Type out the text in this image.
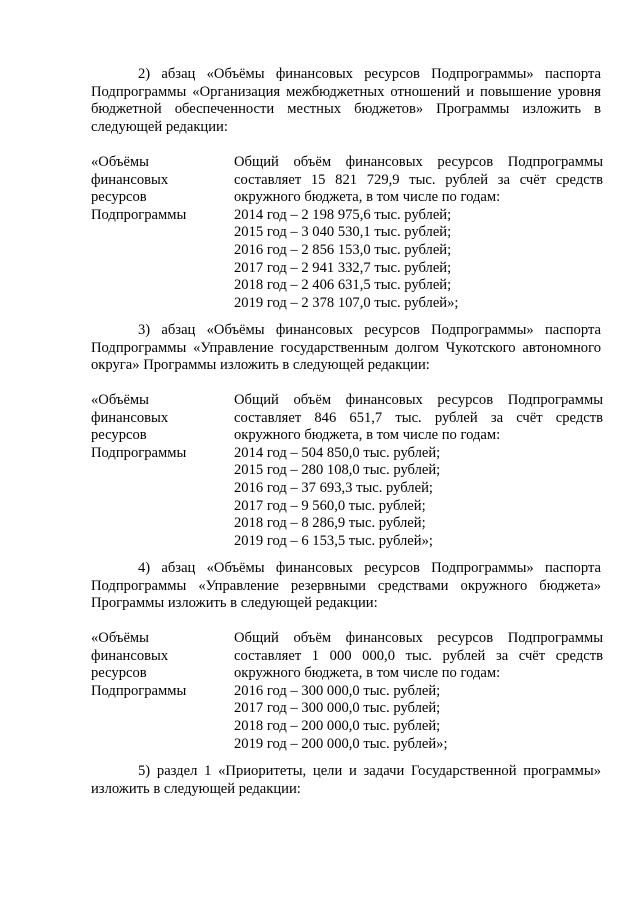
2) абзац «Объёмы финансовых ресурсов Подпрограммы» паспорта Подпрограммы «Организация межбюджетных отношений и повышение уровня бюджетной обеспеченности местных бюджетов» Программы изложить в следующей редакции:

«Объёмы
финансовых
ресурсов
Подпрограммы

Общий объём финансовых ресурсов Подпрограммы составляет 15 821 729,9 тыс. рублей за счёт средств окружного бюджета, в том числе по годам:

2014 год – 2 198 975,6 тыс. рублей;
2015 год – 3 040 530,1 тыс. рублей;
2016 год – 2 856 153,0 тыс. рублей;
2017 год – 2 941 332,7 тыс. рублей;
2018 год – 2 406 631,5 тыс. рублей;
2019 год – 2 378 107,0 тыс. рублей»;

3) абзац «Объёмы финансовых ресурсов Подпрограммы» паспорта Подпрограммы «Управление государственным долгом Чукотского автономного округа» Программы изложить в следующей редакции:

«Объёмы
финансовых
ресурсов
Подпрограммы

Общий объём финансовых ресурсов Подпрограммы составляет 846 651,7 тыс. рублей за счёт средств окружного бюджета, в том числе по годам:

2014 год – 504 850,0 тыс. рублей;
2015 год – 280 108,0 тыс. рублей;
2016 год – 37 693,3 тыс. рублей;
2017 год – 9 560,0 тыс. рублей;
2018 год – 8 286,9 тыс. рублей;
2019 год – 6 153,5 тыс. рублей»;

4) абзац «Объёмы финансовых ресурсов Подпрограммы» паспорта Подпрограммы «Управление резервными средствами окружного бюджета» Программы изложить в следующей редакции:

«Объёмы
финансовых
ресурсов
Подпрограммы

Общий объём финансовых ресурсов Подпрограммы составляет 1 000 000,0 тыс. рублей за счёт средств окружного бюджета, в том числе по годам:

2016 год – 300 000,0 тыс. рублей;
2017 год – 300 000,0 тыс. рублей;
2018 год – 200 000,0 тыс. рублей;
2019 год – 200 000,0 тыс. рублей»;

5) раздел 1 «Приоритеты, цели и задачи Государственной программы» изложить в следующей редакции:
